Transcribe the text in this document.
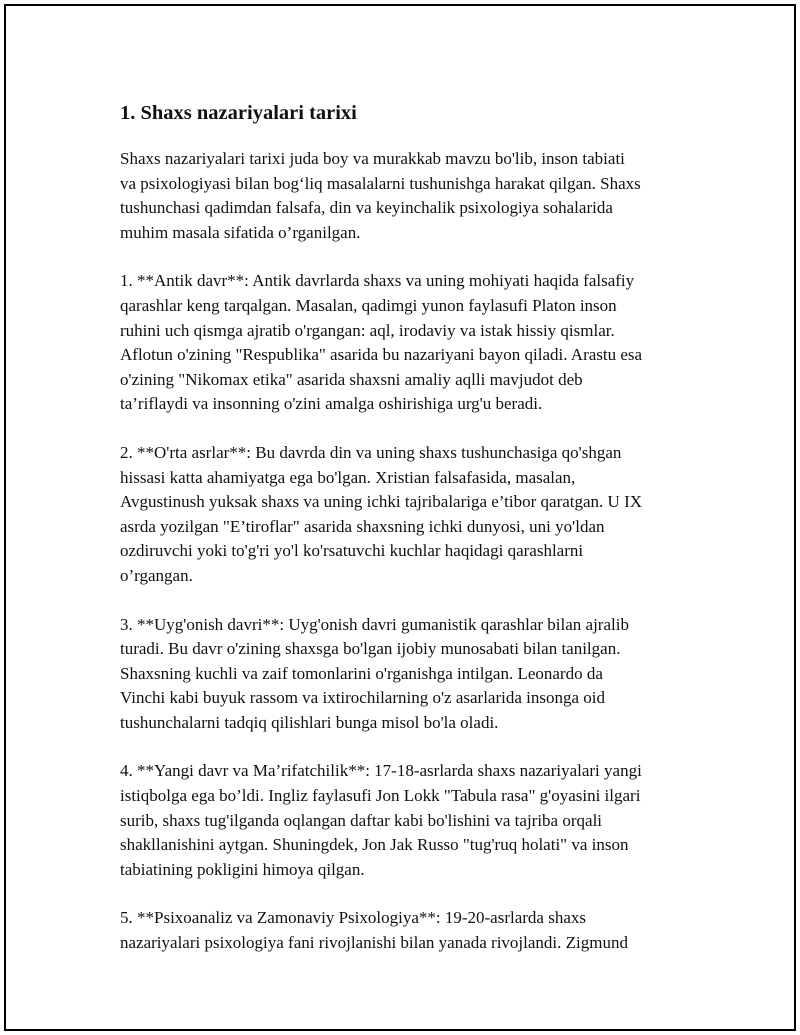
1. Shaxs nazariyalari tarixi

Shaxs nazariyalari tarixi juda boy va murakkab mavzu bo'lib, inson tabiati
va psixologiyasi bilan bog‘liq masalalarni tushunishga harakat qilgan. Shaxs
tushunchasi qadimdan falsafa, din va keyinchalik psixologiya sohalarida
muhim masala sifatida o’rganilgan.

1. **Antik davr**: Antik davrlarda shaxs va uning mohiyati haqida falsafiy
qarashlar keng tarqalgan. Masalan, qadimgi yunon faylasufi Platon inson
ruhini uch qismga ajratib o'rgangan: aql, irodaviy va istak hissiy qismlar.
Aflotun o'zining "Respublika" asarida bu nazariyani bayon qiladi. Arastu esa
o'zining "Nikomax etika" asarida shaxsni amaliy aqlli mavjudot deb
ta’riflaydi va insonning o'zini amalga oshirishiga urg'u beradi.

2. **O'rta asrlar**: Bu davrda din va uning shaxs tushunchasiga qo'shgan
hissasi katta ahamiyatga ega bo'lgan. Xristian falsafasida, masalan,
Avgustinush yuksak shaxs va uning ichki tajribalariga e’tibor qaratgan. U IX
asrda yozilgan "E’tiroflar" asarida shaxsning ichki dunyosi, uni yo'ldan
ozdiruvchi yoki to'g'ri yo'l ko'rsatuvchi kuchlar haqidagi qarashlarni
o’rgangan.

3. **Uyg'onish davri**: Uyg'onish davri gumanistik qarashlar bilan ajralib
turadi. Bu davr o'zining shaxsga bo'lgan ijobiy munosabati bilan tanilgan.
Shaxsning kuchli va zaif tomonlarini o'rganishga intilgan. Leonardo da
Vinchi kabi buyuk rassom va ixtirochilarning o'z asarlarida insonga oid
tushunchalarni tadqiq qilishlari bunga misol bo'la oladi.

4. **Yangi davr va Ma’rifatchilik**: 17-18-asrlarda shaxs nazariyalari yangi
istiqbolga ega bo’ldi. Ingliz faylasufi Jon Lokk "Tabula rasa" g'oyasini ilgari
surib, shaxs tug'ilganda oqlangan daftar kabi bo'lishini va tajriba orqali
shakllanishini aytgan. Shuningdek, Jon Jak Russo "tug'ruq holati" va inson
tabiatining pokligini himoya qilgan.

5. **Psixoanaliz va Zamonaviy Psixologiya**: 19-20-asrlarda shaxs
nazariyalari psixologiya fani rivojlanishi bilan yanada rivojlandi. Zigmund
